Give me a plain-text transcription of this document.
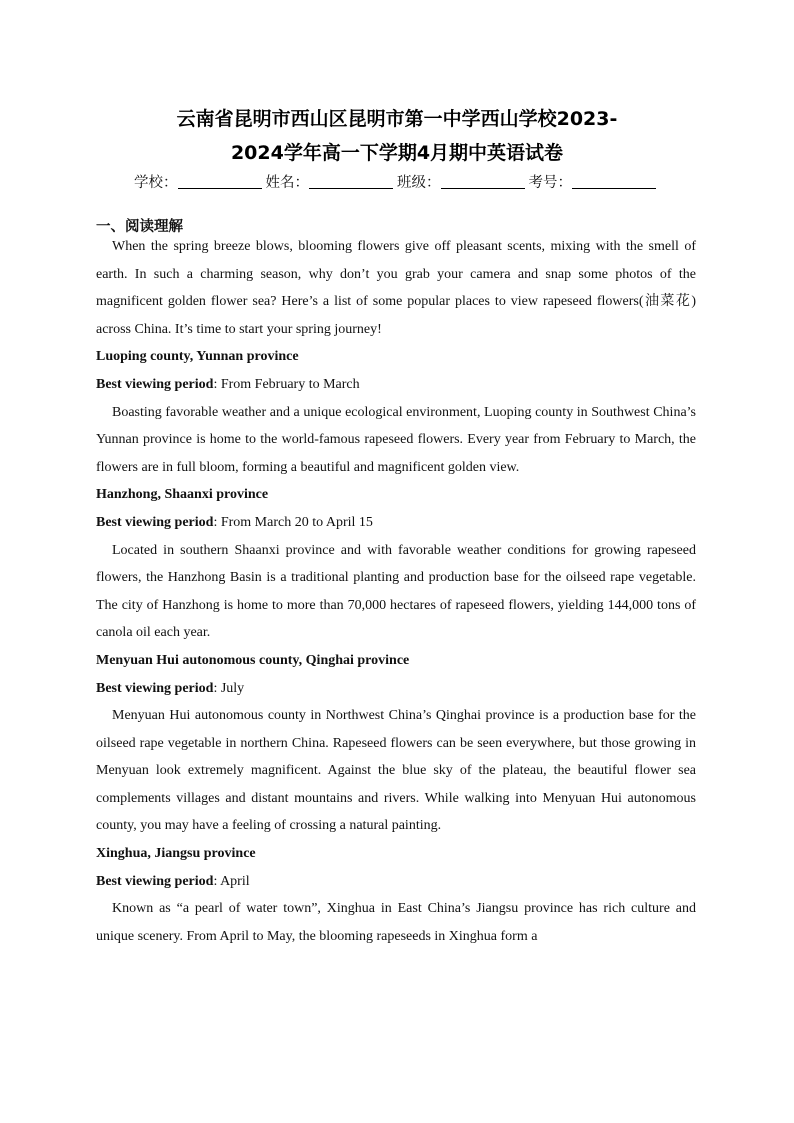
云南省昆明市西山区昆明市第一中学西山学校2023-
2024学年高一下学期4月期中英语试卷
学校：	姓名：	班级：	考号：
一、阅读理解

When the spring breeze blows, blooming flowers give off pleasant scents, mixing with the smell of earth. In such a charming season, why don’t you grab your camera and snap some photos of the magnificent golden flower sea? Here’s a list of some popular places to view rapeseed flowers(油菜花) across China. It’s time to start your spring journey!

Luoping county, Yunnan province

Best viewing period: From February to March

Boasting favorable weather and a unique ecological environment, Luoping county in Southwest China’s Yunnan province is home to the world-famous rapeseed flowers. Every year from February to March, the flowers are in full bloom, forming a beautiful and magnificent golden view.

Hanzhong, Shaanxi province

Best viewing period: From March 20 to April 15

Located in southern Shaanxi province and with favorable weather conditions for growing rapeseed flowers, the Hanzhong Basin is a traditional planting and production base for the oilseed rape vegetable. The city of Hanzhong is home to more than 70,000 hectares of rapeseed flowers, yielding 144,000 tons of canola oil each year.

Menyuan Hui autonomous county, Qinghai province

Best viewing period: July

Menyuan Hui autonomous county in Northwest China’s Qinghai province is a production base for the oilseed rape vegetable in northern China. Rapeseed flowers can be seen everywhere, but those growing in Menyuan look extremely magnificent. Against the blue sky of the plateau, the beautiful flower sea complements villages and distant mountains and rivers. While walking into Menyuan Hui autonomous county, you may have a feeling of crossing a natural painting.

Xinghua, Jiangsu province

Best viewing period: April

Known as “a pearl of water town”, Xinghua in East China’s Jiangsu province has rich culture and unique scenery. From April to May, the blooming rapeseeds in Xinghua form a
